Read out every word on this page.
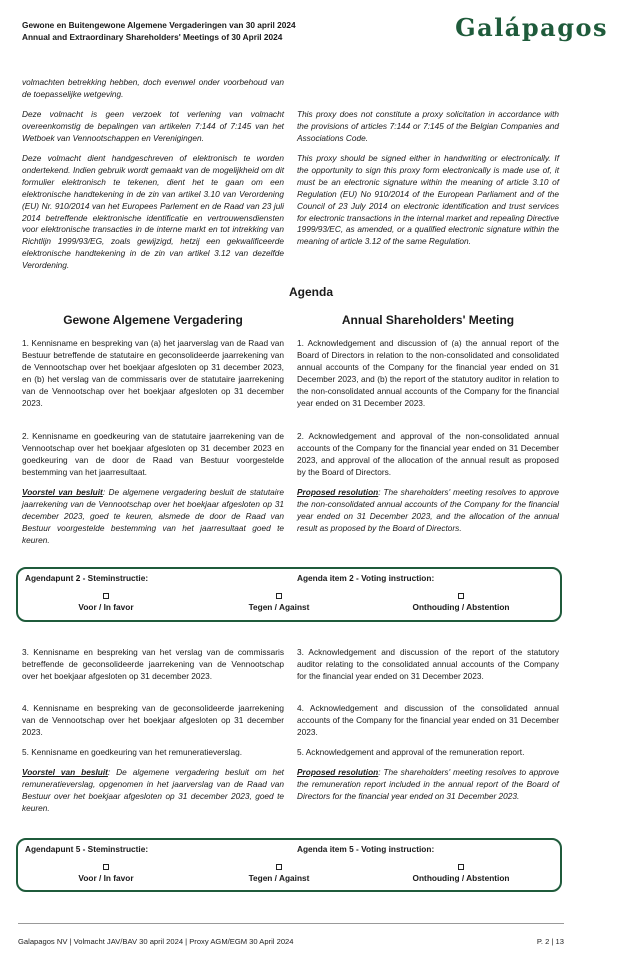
Gewone en Buitengewone Algemene Vergaderingen van 30 april 2024
Annual and Extraordinary Shareholders' Meetings of 30 April 2024	Galápagos
volmachten betrekking hebben, doch evenwel onder voorbehoud van de toepasselijke wetgeving.
Deze volmacht is geen verzoek tot verlening van volmacht overeenkomstig de bepalingen van artikelen 7:144 of 7:145 van het Wetboek van Vennootschappen en Verenigingen.
Deze volmacht dient handgeschreven of elektronisch te worden ondertekend. Indien gebruik wordt gemaakt van de mogelijkheid om dit formulier elektronisch te tekenen, dient het te gaan om een elektronische handtekening in de zin van artikel 3.10 van Verordening (EU) Nr. 910/2014 van het Europees Parlement en de Raad van 23 juli 2014 betreffende elektronische identificatie en vertrouwensdiensten voor elektronische transacties in de interne markt en tot intrekking van Richtlijn 1999/93/EG, zoals gewijzigd, hetzij een gekwalificeerde elektronische handtekening in de zin van artikel 3.12 van dezelfde Verordening.
This proxy does not constitute a proxy solicitation in accordance with the provisions of articles 7:144 or 7:145 of the Belgian Companies and Associations Code.
This proxy should be signed either in handwriting or electronically. If the opportunity to sign this proxy form electronically is made use of, it must be an electronic signature within the meaning of article 3.10 of Regulation (EU) No 910/2014 of the European Parliament and of the Council of 23 July 2014 on electronic identification and trust services for electronic transactions in the internal market and repealing Directive 1999/93/EC, as amended, or a qualified electronic signature within the meaning of article 3.12 of the same Regulation.
Agenda
Gewone Algemene Vergadering	Annual Shareholders' Meeting
1. Kennisname en bespreking van (a) het jaarverslag van de Raad van Bestuur betreffende de statutaire en geconsolideerde jaarrekening van de Vennootschap over het boekjaar afgesloten op 31 december 2023, en (b) het verslag van de commissaris over de statutaire jaarrekening van de Vennootschap over het boekjaar afgesloten op 31 december 2023.
1. Acknowledgement and discussion of (a) the annual report of the Board of Directors in relation to the non-consolidated and consolidated annual accounts of the Company for the financial year ended on 31 December 2023, and (b) the report of the statutory auditor in relation to the non-consolidated annual accounts of the Company for the financial year ended on 31 December 2023.
2. Kennisname en goedkeuring van de statutaire jaarrekening van de Vennootschap over het boekjaar afgesloten op 31 december 2023 en goedkeuring van de door de Raad van Bestuur voorgestelde bestemming van het jaarresultaat.
2. Acknowledgement and approval of the non-consolidated annual accounts of the Company for the financial year ended on 31 December 2023, and approval of the allocation of the annual result as proposed by the Board of Directors.
Voorstel van besluit: De algemene vergadering besluit de statutaire jaarrekening van de Vennootschap over het boekjaar afgesloten op 31 december 2023, goed te keuren, alsmede de door de Raad van Bestuur voorgestelde bestemming van het jaarresultaat goed te keuren.
Proposed resolution: The shareholders' meeting resolves to approve the non-consolidated annual accounts of the Company for the financial year ended on 31 December 2023, and the allocation of the annual result as proposed by the Board of Directors.
Agendapunt 2 - Steminstructie:	Agenda item 2 - Voting instruction:
Voor / In favor	Tegen / Against	Onthouding / Abstention
3. Kennisname en bespreking van het verslag van de commissaris betreffende de geconsolideerde jaarrekening van de Vennootschap over het boekjaar afgesloten op 31 december 2023.
3. Acknowledgement and discussion of the report of the statutory auditor relating to the consolidated annual accounts of the Company for the financial year ended on 31 December 2023.
4. Kennisname en bespreking van de geconsolideerde jaarrekening van de Vennootschap over het boekjaar afgesloten op 31 december 2023.
4. Acknowledgement and discussion of the consolidated annual accounts of the Company for the financial year ended on 31 December 2023.
5. Kennisname en goedkeuring van het remuneratieverslag.	5. Acknowledgement and approval of the remuneration report.
Voorstel van besluit: De algemene vergadering besluit om het remuneratieverslag, opgenomen in het jaarverslag van de Raad van Bestuur over het boekjaar afgesloten op 31 december 2023, goed te keuren.
Proposed resolution: The shareholders' meeting resolves to approve the remuneration report included in the annual report of the Board of Directors for the financial year ended on 31 December 2023.
Agendapunt 5 - Steminstructie:	Agenda item 5 - Voting instruction:
Voor / In favor	Tegen / Against	Onthouding / Abstention
Galapagos NV | Volmacht JAV/BAV 30 april 2024 | Proxy AGM/EGM 30 April 2024	P. 2 | 13
